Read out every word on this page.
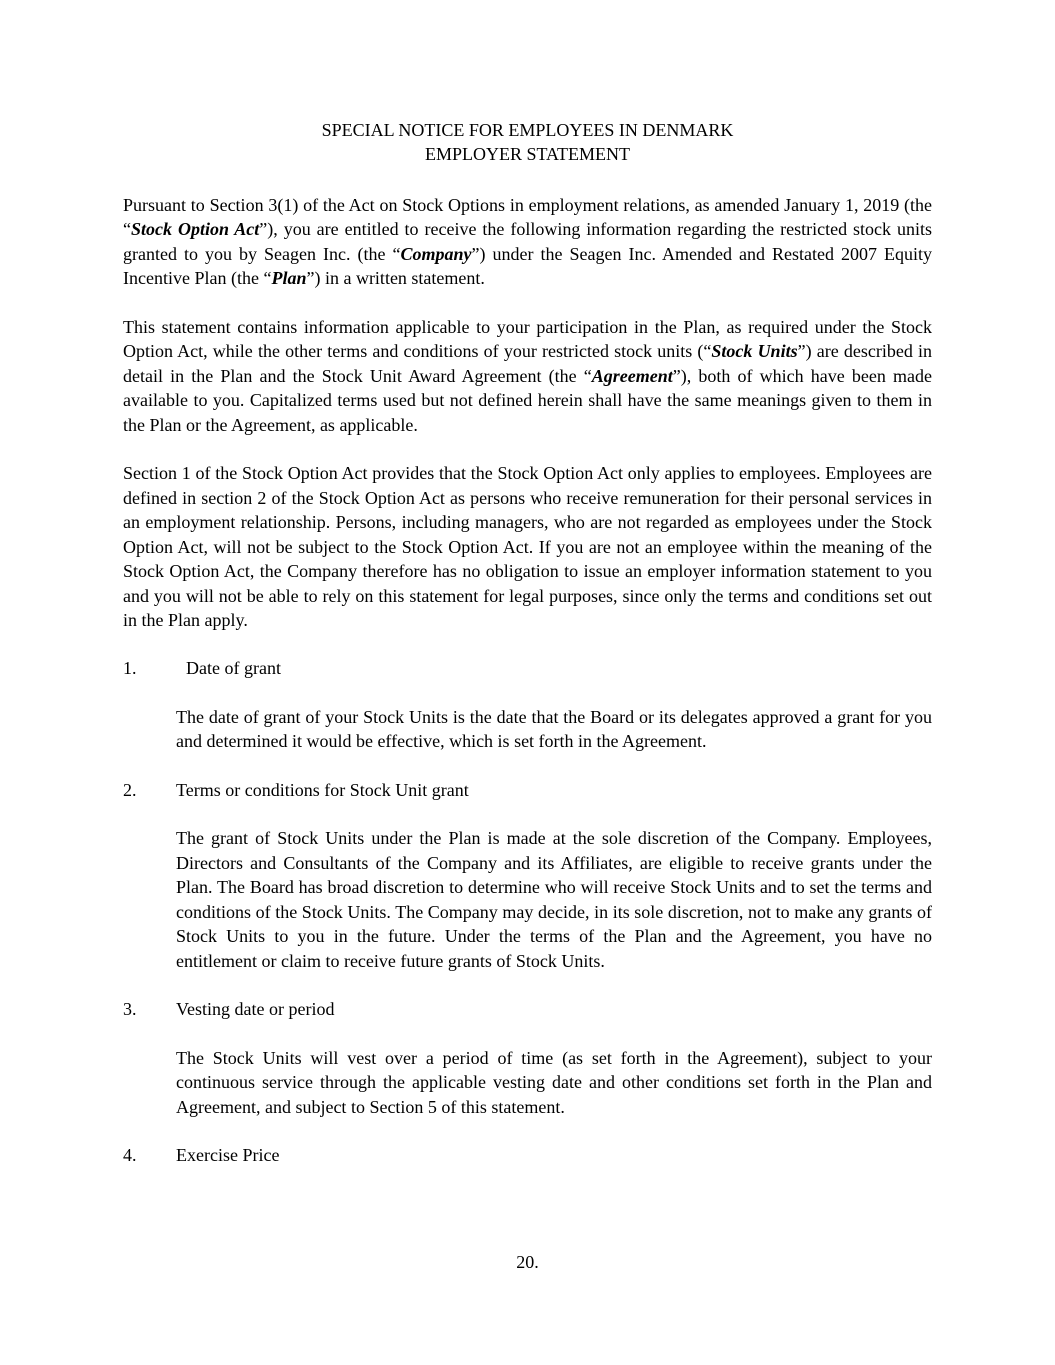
SPECIAL NOTICE FOR EMPLOYEES IN DENMARK
EMPLOYER STATEMENT

Pursuant to Section 3(1) of the Act on Stock Options in employment relations, as amended January 1, 2019 (the “Stock Option Act”), you are entitled to receive the following information regarding the restricted stock units granted to you by Seagen Inc. (the “Company”) under the Seagen Inc. Amended and Restated 2007 Equity Incentive Plan (the “Plan”) in a written statement.

This statement contains information applicable to your participation in the Plan, as required under the Stock Option Act, while the other terms and conditions of your restricted stock units (“Stock Units”) are described in detail in the Plan and the Stock Unit Award Agreement (the “Agreement”), both of which have been made available to you. Capitalized terms used but not defined herein shall have the same meanings given to them in the Plan or the Agreement, as applicable.

Section 1 of the Stock Option Act provides that the Stock Option Act only applies to employees. Employees are defined in section 2 of the Stock Option Act as persons who receive remuneration for their personal services in an employment relationship. Persons, including managers, who are not regarded as employees under the Stock Option Act, will not be subject to the Stock Option Act. If you are not an employee within the meaning of the Stock Option Act, the Company therefore has no obligation to issue an employer information statement to you and you will not be able to rely on this statement for legal purposes, since only the terms and conditions set out in the Plan apply.

1.	Date of grant

The date of grant of your Stock Units is the date that the Board or its delegates approved a grant for you and determined it would be effective, which is set forth in the Agreement.

2.	Terms or conditions for Stock Unit grant

The grant of Stock Units under the Plan is made at the sole discretion of the Company. Employees, Directors and Consultants of the Company and its Affiliates, are eligible to receive grants under the Plan. The Board has broad discretion to determine who will receive Stock Units and to set the terms and conditions of the Stock Units. The Company may decide, in its sole discretion, not to make any grants of Stock Units to you in the future. Under the terms of the Plan and the Agreement, you have no entitlement or claim to receive future grants of Stock Units.

3.	Vesting date or period

The Stock Units will vest over a period of time (as set forth in the Agreement), subject to your continuous service through the applicable vesting date and other conditions set forth in the Plan and Agreement, and subject to Section 5 of this statement.

4.	Exercise Price
20.
